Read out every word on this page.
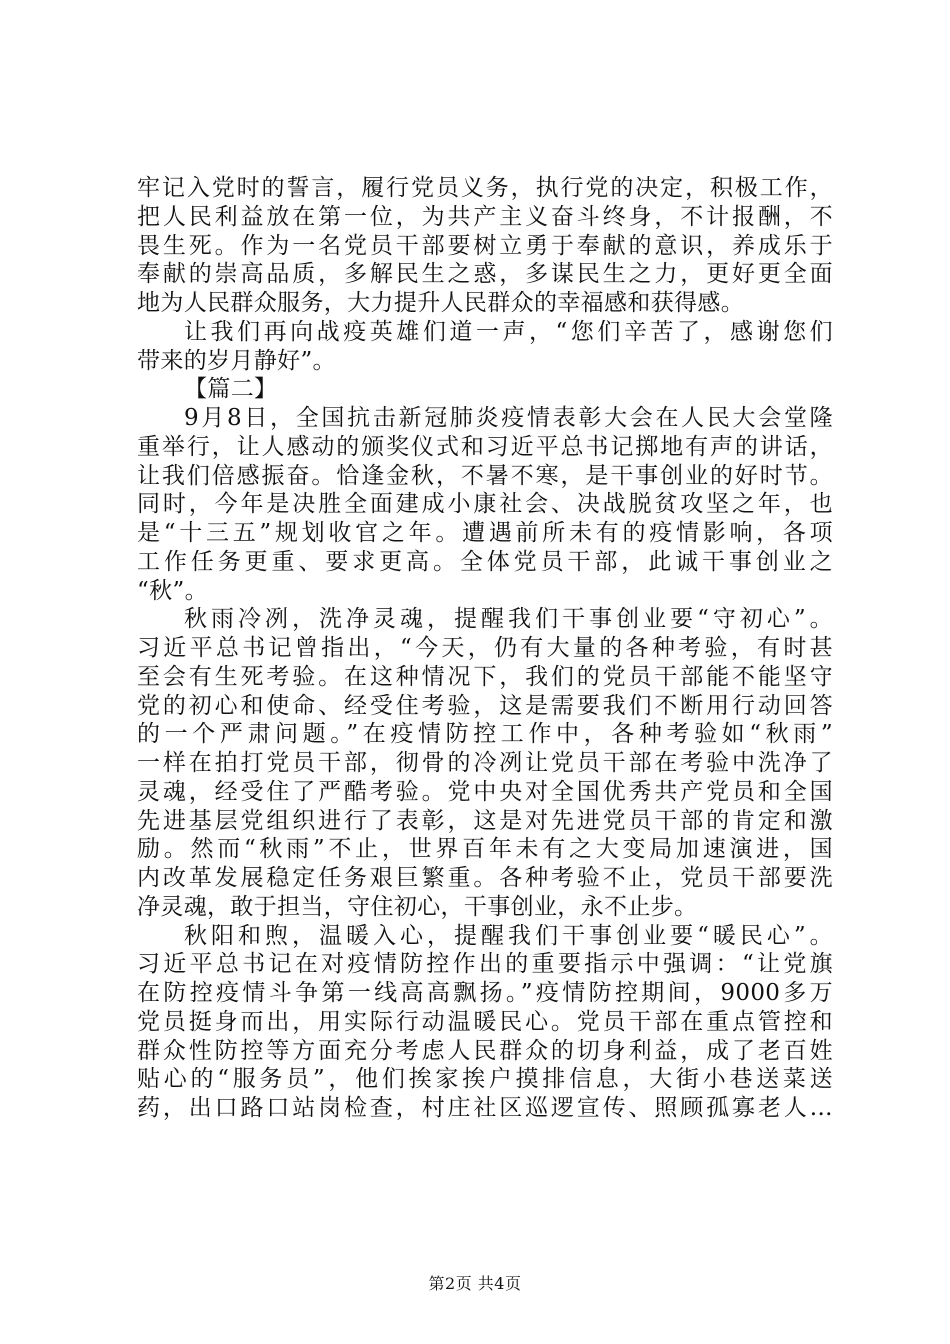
牢记入党时的誓言，履行党员义务，执行党的决定，积极工作，
把人民利益放在第一位，为共产主义奋斗终身，不计报酬，不
畏生死。作为一名党员干部要树立勇于奉献的意识，养成乐于
奉献的崇高品质，多解民生之惑，多谋民生之力，更好更全面
地为人民群众服务，大力提升人民群众的幸福感和获得感。
让我们再向战疫英雄们道一声，“您们辛苦了，感谢您们
带来的岁月静好”。
【篇二】
9月8日，全国抗击新冠肺炎疫情表彰大会在人民大会堂隆
重举行，让人感动的颁奖仪式和习近平总书记掷地有声的讲话，
让我们倍感振奋。恰逢金秋，不暑不寒，是干事创业的好时节。
同时，今年是决胜全面建成小康社会、决战脱贫攻坚之年，也
是“十三五”规划收官之年。遭遇前所未有的疫情影响，各项
工作任务更重、要求更高。全体党员干部，此诚干事创业之
“秋”。
秋雨冷冽，洗净灵魂，提醒我们干事创业要“守初心”。
习近平总书记曾指出，“今天，仍有大量的各种考验，有时甚
至会有生死考验。在这种情况下，我们的党员干部能不能坚守
党的初心和使命、经受住考验，这是需要我们不断用行动回答
的一个严肃问题。”在疫情防控工作中，各种考验如“秋雨”
一样在拍打党员干部，彻骨的冷冽让党员干部在考验中洗净了
灵魂，经受住了严酷考验。党中央对全国优秀共产党员和全国
先进基层党组织进行了表彰，这是对先进党员干部的肯定和激
励。然而“秋雨”不止，世界百年未有之大变局加速演进，国
内改革发展稳定任务艰巨繁重。各种考验不止，党员干部要洗
净灵魂，敢于担当，守住初心，干事创业，永不止步。
秋阳和煦，温暖入心，提醒我们干事创业要“暖民心”。
习近平总书记在对疫情防控作出的重要指示中强调：“让党旗
在防控疫情斗争第一线高高飘扬。”疫情防控期间，9000多万
党员挺身而出，用实际行动温暖民心。党员干部在重点管控和
群众性防控等方面充分考虑人民群众的切身利益，成了老百姓
贴心的“服务员”，他们挨家挨户摸排信息，大街小巷送菜送
药，出口路口站岗检查，村庄社区巡逻宣传、照顾孤寡老人…
第2页 共4页
